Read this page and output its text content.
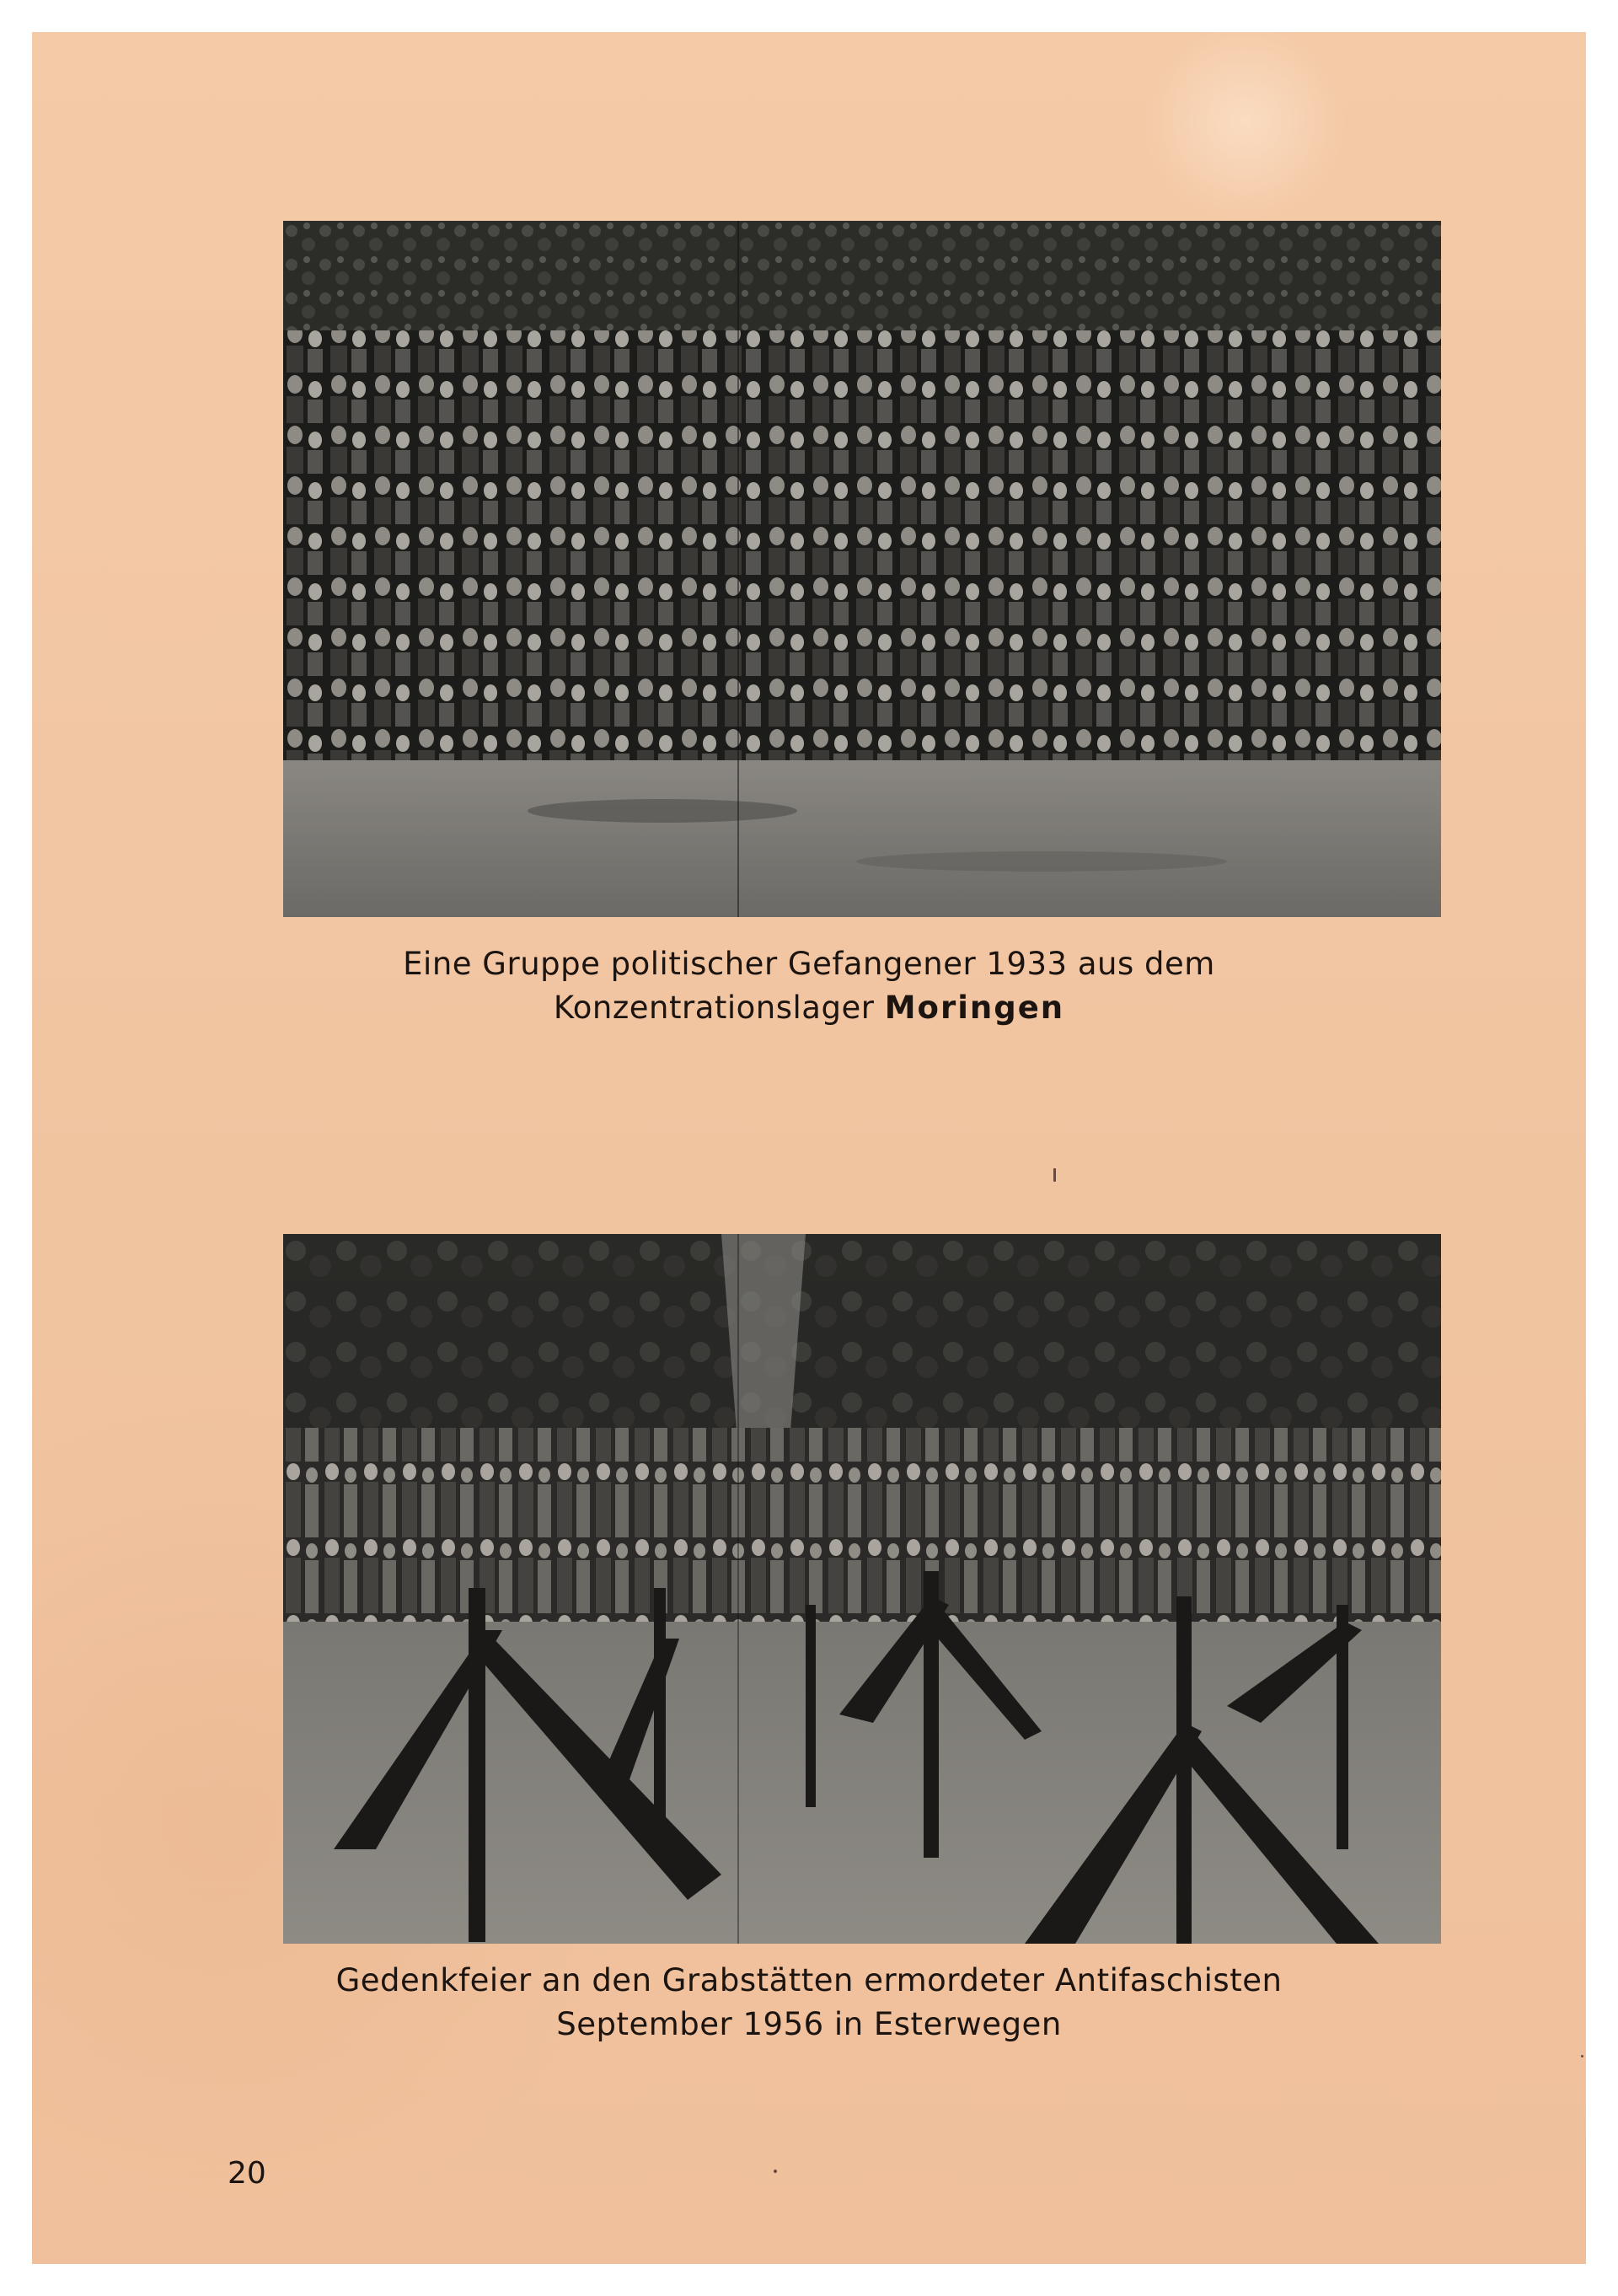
Eine Gruppe politischer Gefangener 1933 aus dem
Konzentrationslager Moringen
Gedenkfeier an den Grabstätten ermordeter Antifaschisten
September 1956 in Esterwegen
20
